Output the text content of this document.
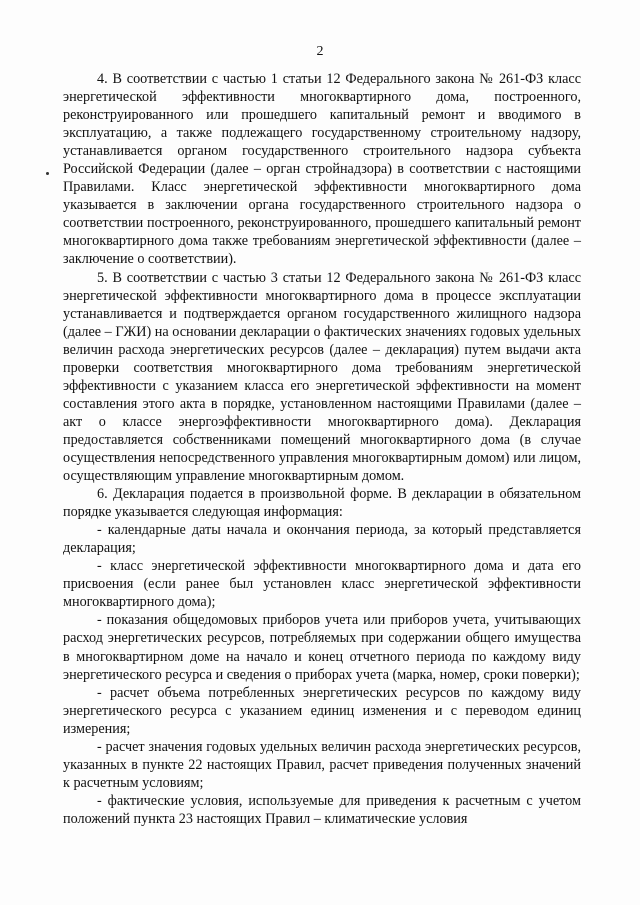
2

4. В соответствии с частью 1 статьи 12 Федерального закона № 261-ФЗ класс энергетической эффективности многоквартирного дома, построенного, реконструированного или прошедшего капитальный ремонт и вводимого в эксплуатацию, а также подлежащего государственному строительному надзору, устанавливается органом государственного строительного надзора субъекта Российской Федерации (далее – орган стройнадзора) в соответствии с настоящими Правилами. Класс энергетической эффективности многоквартирного дома указывается в заключении органа государственного строительного надзора о соответствии построенного, реконструированного, прошедшего капитальный ремонт многоквартирного дома также требованиям энергетической эффективности (далее – заключение о соответствии).

5. В соответствии с частью 3 статьи 12 Федерального закона № 261-ФЗ класс энергетической эффективности многоквартирного дома в процессе эксплуатации устанавливается и подтверждается органом государственного жилищного надзора (далее – ГЖИ) на основании декларации о фактических значениях годовых удельных величин расхода энергетических ресурсов (далее – декларация) путем выдачи акта проверки соответствия многоквартирного дома требованиям энергетической эффективности с указанием класса его энергетической эффективности на момент составления этого акта в порядке, установленном настоящими Правилами (далее – акт о классе энергоэффективности многоквартирного дома). Декларация предоставляется собственниками помещений многоквартирного дома (в случае осуществления непосредственного управления многоквартирным домом) или лицом, осуществляющим управление многоквартирным домом.

6. Декларация подается в произвольной форме. В декларации в обязательном порядке указывается следующая информация:

- календарные даты начала и окончания периода, за который представляется декларация;

- класс энергетической эффективности многоквартирного дома и дата его присвоения (если ранее был установлен класс энергетической эффективности многоквартирного дома);

- показания общедомовых приборов учета или приборов учета, учитывающих расход энергетических ресурсов, потребляемых при содержании общего имущества в многоквартирном доме на начало и конец отчетного периода по каждому виду энергетического ресурса и сведения о приборах учета (марка, номер, сроки поверки);

- расчет объема потребленных энергетических ресурсов по каждому виду энергетического ресурса с указанием единиц изменения и с переводом единиц измерения;

- расчет значения годовых удельных величин расхода энергетических ресурсов, указанных в пункте 22 настоящих Правил, расчет приведения полученных значений к расчетным условиям;

- фактические условия, используемые для приведения к расчетным с учетом положений пункта 23 настоящих Правил – климатические условия
